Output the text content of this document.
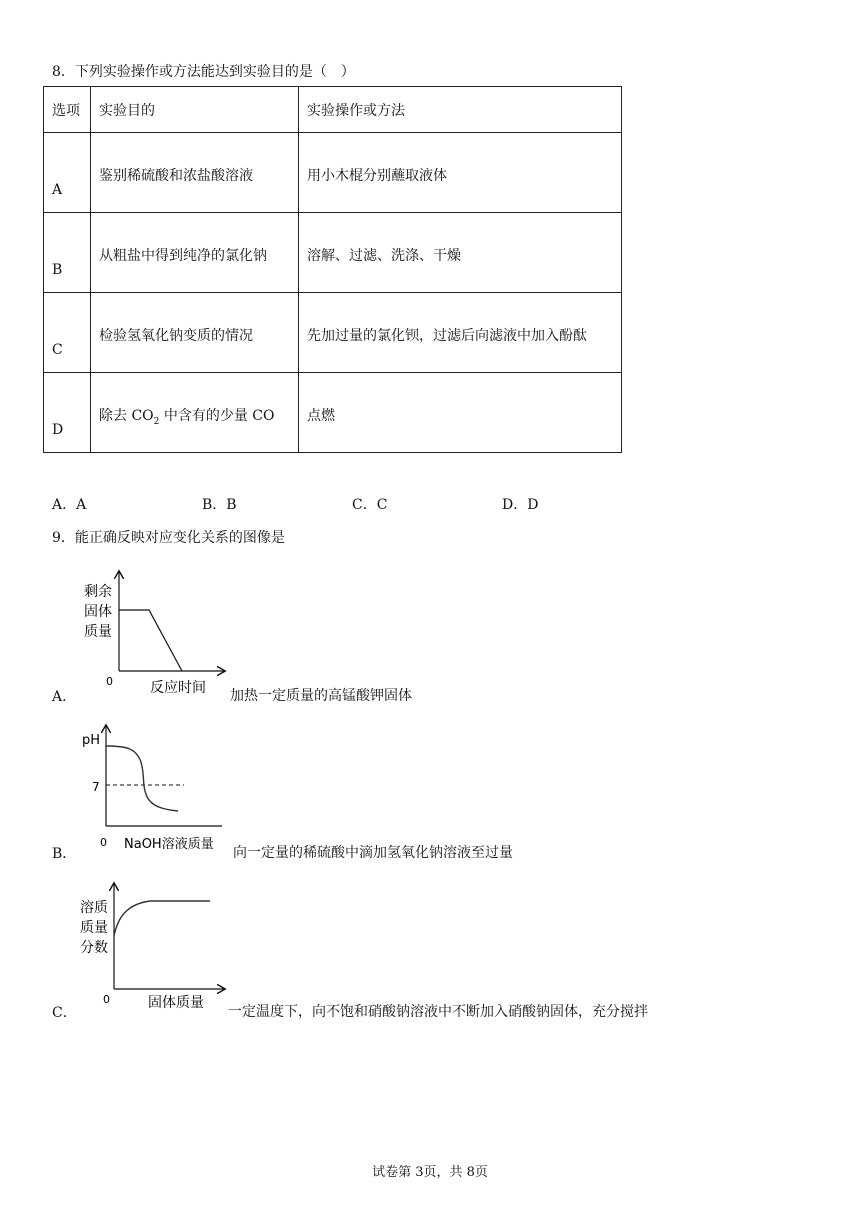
8．下列实验操作或方法能达到实验目的是（　）
选项	实验目的	实验操作或方法

A	鉴别稀硫酸和浓盐酸溶液	用小木棍分别蘸取液体

B	从粗盐中得到纯净的氯化钠	溶解、过滤、洗涤、干燥

C	检验氢氧化钠变质的情况	先加过量的氯化钡，过滤后向滤液中加入酚酞

D	除去 $CO_2$ 中含有的少量 CO	点燃
A．A	B．B	C．C	D．D
9．能正确反映对应变化关系的图像是
剩余
固体
质量
0	反应时间
A．	加热一定质量的高锰酸钾固体
pH
7
0 NaOH溶液质量
B．	向一定量的稀硫酸中滴加氢氧化钠溶液至过量
溶质
质量
分数
0	固体质量
C．	一定温度下，向不饱和硝酸钠溶液中不断加入硝酸钠固体，充分搅拌
试卷第 3页，共 8页
